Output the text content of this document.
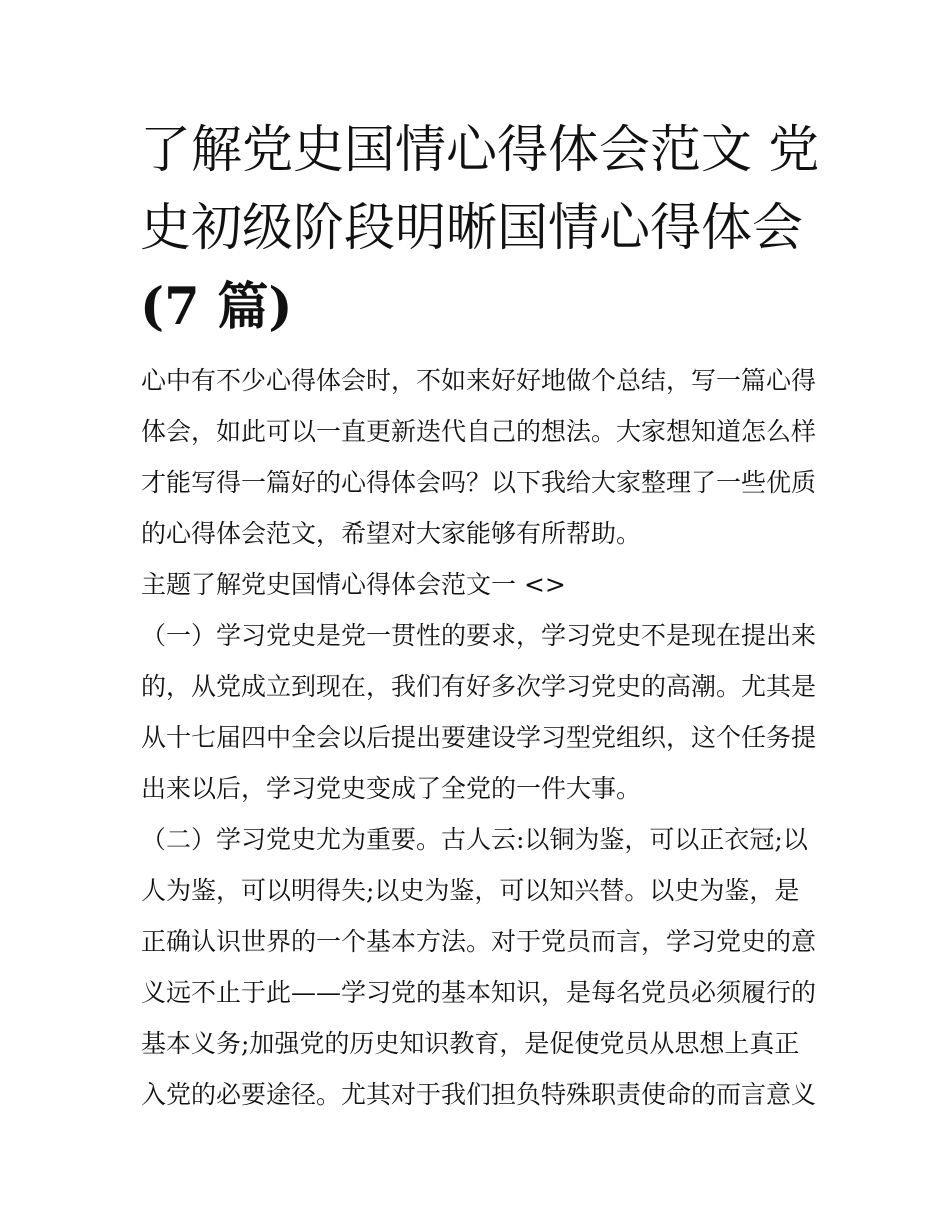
了解党史国情心得体会范文 党
史初级阶段明晰国情心得体会
(7 篇)
心中有不少心得体会时，不如来好好地做个总结，写一篇心得
体会，如此可以一直更新迭代自己的想法。大家想知道怎么样
才能写得一篇好的心得体会吗？以下我给大家整理了一些优质
的心得体会范文，希望对大家能够有所帮助。
主题了解党史国情心得体会范文一 <>
（一）学习党史是党一贯性的要求，学习党史不是现在提出来
的，从党成立到现在，我们有好多次学习党史的高潮。尤其是
从十七届四中全会以后提出要建设学习型党组织，这个任务提
出来以后，学习党史变成了全党的一件大事。
（二）学习党史尤为重要。古人云:以铜为鉴，可以正衣冠;以
人为鉴，可以明得失;以史为鉴，可以知兴替。以史为鉴，是
正确认识世界的一个基本方法。对于党员而言，学习党史的意
义远不止于此——学习党的基本知识，是每名党员必须履行的
基本义务;加强党的历史知识教育，是促使党员从思想上真正
入党的必要途径。尤其对于我们担负特殊职责使命的而言意义
